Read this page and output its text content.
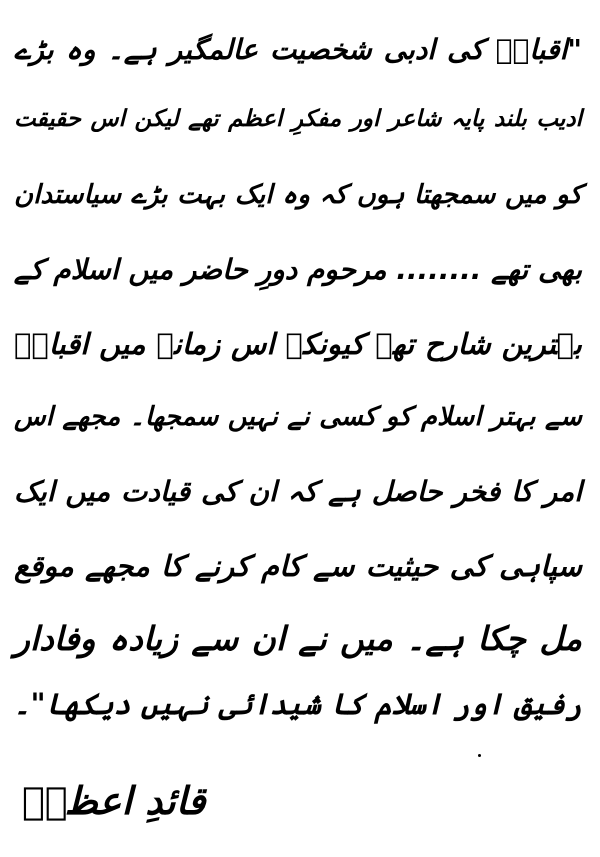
"اقبالؒ کی ادبی شخصیت عالمگیر ہے۔ وہ بڑے
ادیب بلند پایہ شاعر اور مفکرِ اعظم تھے لیکن اس حقیقت
کو میں سمجھتا ہوں کہ وہ ایک بہت بڑے سیاستدان
بھی تھے ........ مرحوم دورِ حاضر میں اسلام کے
بہترین شارح تھے کیونکہ اس زمانے میں اقبالؒ
سے بہتر اسلام کو کسی نے نہیں سمجھا۔ مجھے اس
امر کا فخر حاصل ہے کہ ان کی قیادت میں ایک
سپاہی کی حیثیت سے کام کرنے کا مجھے موقع
مل چکا ہے۔ میں نے ان سے زیادہ وفادار
رفیق اور اسلام کا شیدائی نہیں دیکھا"۔
قائدِ اعظمؒ
